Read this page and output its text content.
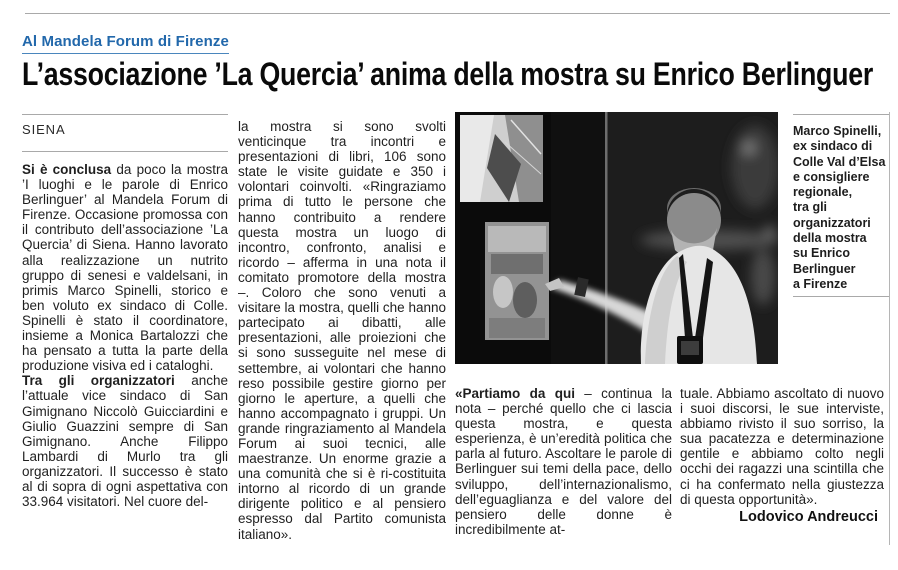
Al Mandela Forum di Firenze
L’associazione ’La Quercia’ anima della mostra su Enrico Berlinguer
SIENA

Si è conclusa da poco la mostra ’I luoghi e le parole di Enrico Berlinguer’ al Mandela Forum di Firenze. Occasione promossa con il contributo dell’associazione ’La Quercia’ di Siena. Hanno lavorato alla realizzazione un nutrito gruppo di senesi e valdelsani, in primis Marco Spinelli, storico e ben voluto ex sindaco di Colle. Spinelli è stato il coordinatore, insieme a Monica Bartalozzi che ha pensato a tutta la parte della produzione visiva ed i cataloghi.

Tra gli organizzatori anche l’attuale vice sindaco di San Gimignano Niccolò Guicciardini e Giulio Guazzini sempre di San Gimignano. Anche Filippo Lambardi di Murlo tra gli organizzatori. Il successo è stato al di sopra di ogni aspettativa con 33.964 visitatori. Nel cuore del-

la mostra si sono svolti venticinque tra incontri e presentazioni di libri, 106 sono state le visite guidate e 350 i volontari coinvolti. «Ringraziamo prima di tutto le persone che hanno contribuito a rendere questa mostra un luogo di incontro, confronto, analisi e ricordo – afferma in una nota il comitato promotore della mostra –. Coloro che sono venuti a visitare la mostra, quelli che hanno partecipato ai dibatti, alle presentazioni, alle proiezioni che si sono susseguite nel mese di settembre, ai volontari che hanno reso possibile gestire giorno per giorno le aperture, a quelli che hanno accompagnato i gruppi. Un grande ringraziamento al Mandela Forum ai suoi tecnici, alle maestranze. Un enorme grazie a una comunità che si è ri-costituita intorno al ricordo di un grande dirigente politico e al pensiero espresso dal Partito comunista italiano».

Marco Spinelli,
ex sindaco di
Colle Val d’Elsa
e consigliere
regionale,
tra gli
organizzatori
della mostra
su Enrico
Berlinguer
a Firenze

«Partiamo da qui – continua la nota – perché quello che ci lascia questa mostra, e questa esperienza, è un’eredità politica che parla al futuro. Ascoltare le parole di Berlinguer sui temi della pace, dello sviluppo, dell’internazionalismo, dell’eguaglianza e del valore del pensiero delle donne è incredibilmente at-

tuale. Abbiamo ascoltato di nuovo i suoi discorsi, le sue interviste, abbiamo rivisto il suo sorriso, la sua pacatezza e determinazione gentile e abbiamo colto negli occhi dei ragazzi una scintilla che ci ha confermato nella giustezza di questa opportunità».

Lodovico Andreucci
